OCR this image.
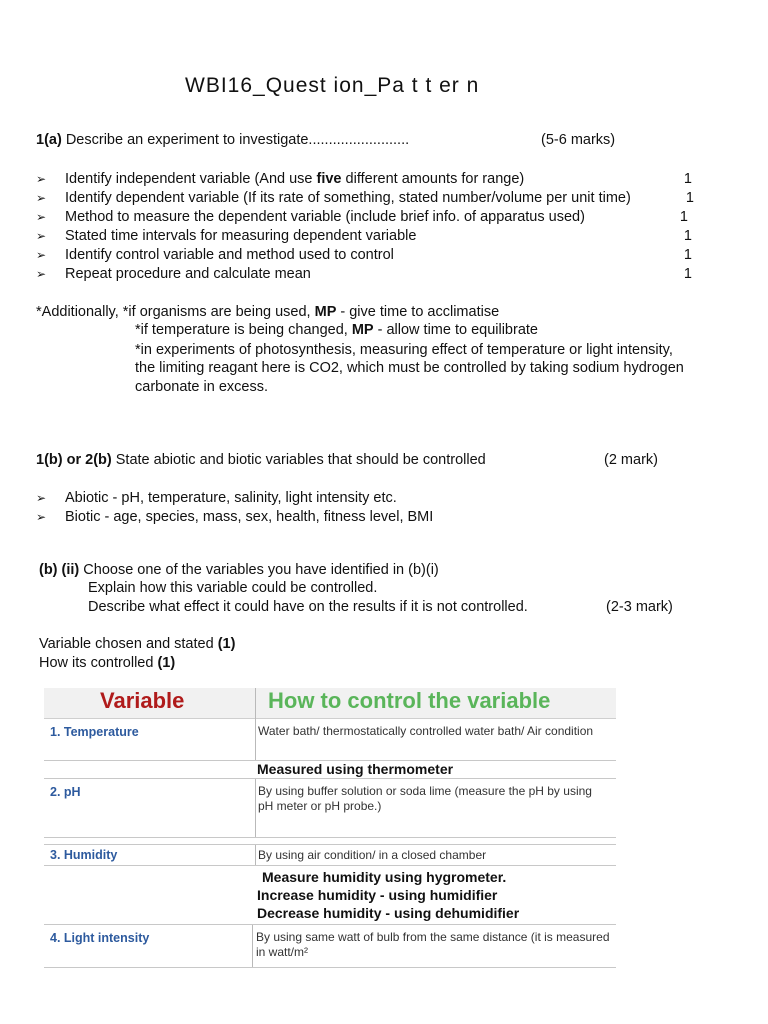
WBI16_Quest ion_Pa t t er n
1(a) Describe an experiment to investigate.........................	(5-6 marks)
➢ Identify independent variable (And use five different amounts for range)	1
➢ Identify dependent variable (If its rate of something, stated number/volume per unit time)	1
➢ Method to measure the dependent variable (include brief info. of apparatus used)	1
➢ Stated time intervals for measuring dependent variable	1
➢ Identify control variable and method used to control	1
➢ Repeat procedure and calculate mean	1
*Additionally, *if organisms are being used, MP - give time to acclimatise
*if temperature is being changed, MP - allow time to equilibrate
*in experiments of photosynthesis, measuring effect of temperature or light intensity,
the limiting reagant here is CO2, which must be controlled by taking sodium hydrogen
carbonate in excess.
1(b) or 2(b) State abiotic and biotic variables that should be controlled	(2 mark)
➢ Abiotic - pH, temperature, salinity, light intensity etc.
➢ Biotic - age, species, mass, sex, health, fitness level, BMI
(b) (ii) Choose one of the variables you have identified in (b)(i)
Explain how this variable could be controlled.
Describe what effect it could have on the results if it is not controlled.	(2-3 mark)
Variable chosen and stated (1)
How its controlled (1)
Variable	How to control the variable
1. Temperature	Water bath/ thermostatically controlled water bath/ Air condition
Measured using thermometer
2. pH	By using buffer solution or soda lime (measure the pH by using pH meter or pH probe.)
3. Humidity	By using air condition/ in a closed chamber
Measure humidity using hygrometer.
Increase humidity - using humidifier
Decrease humidity - using dehumidifier
4. Light intensity	By using same watt of bulb from the same distance (it is measured in watt/m²
